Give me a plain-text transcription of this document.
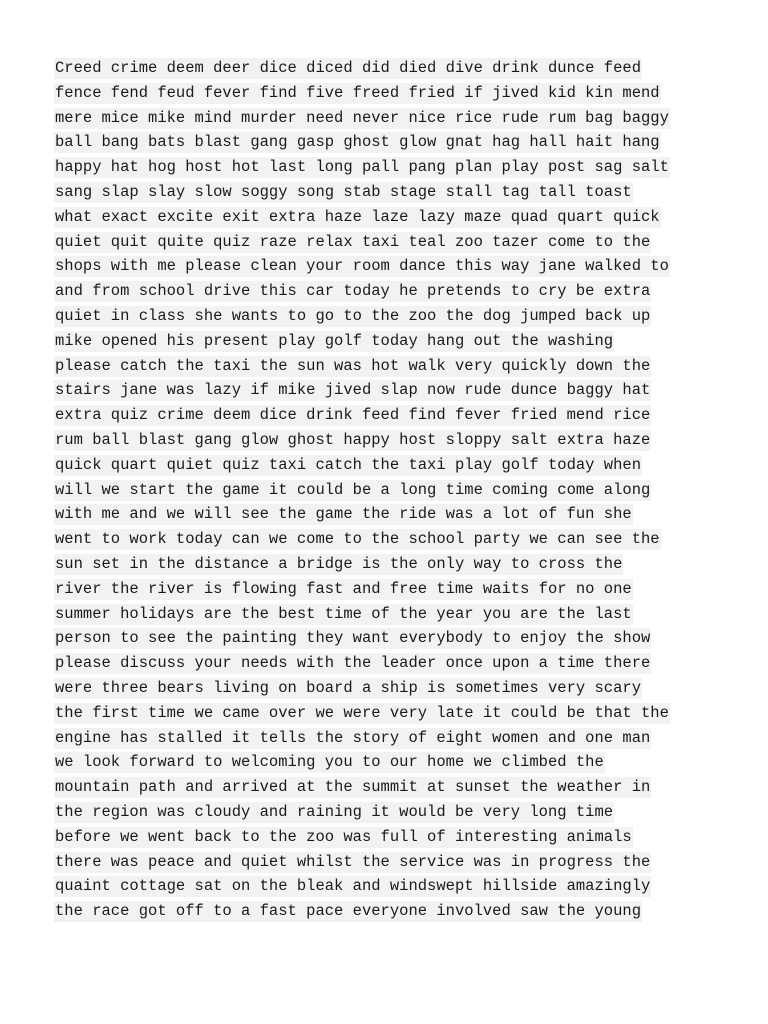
Creed crime deem deer dice diced did died dive drink dunce feed
fence fend feud fever find five freed fried if jived kid kin mend
mere mice mike mind murder need never nice rice rude rum bag baggy
ball bang bats blast gang gasp ghost glow gnat hag hall hait hang
happy hat hog host hot last long pall pang plan play post sag salt
sang slap slay slow soggy song stab stage stall tag tall toast
what exact excite exit extra haze laze lazy maze quad quart quick
quiet quit quite quiz raze relax taxi teal zoo tazer come to the
shops with me please clean your room dance this way jane walked to
and from school drive this car today he pretends to cry be extra
quiet in class she wants to go to the zoo the dog jumped back up
mike opened his present play golf today hang out the washing
please catch the taxi the sun was hot walk very quickly down the
stairs jane was lazy if mike jived slap now rude dunce baggy hat
extra quiz crime deem dice drink feed find fever fried mend rice
rum ball blast gang glow ghost happy host sloppy salt extra haze
quick quart quiet quiz taxi catch the taxi play golf today when
will we start the game it could be a long time coming come along
with me and we will see the game the ride was a lot of fun she
went to work today can we come to the school party we can see the
sun set in the distance a bridge is the only way to cross the
river the river is flowing fast and free time waits for no one
summer holidays are the best time of the year you are the last
person to see the painting they want everybody to enjoy the show
please discuss your needs with the leader once upon a time there
were three bears living on board a ship is sometimes very scary
the first time we came over we were very late it could be that the
engine has stalled it tells the story of eight women and one man
we look forward to welcoming you to our home we climbed the
mountain path and arrived at the summit at sunset the weather in
the region was cloudy and raining it would be very long time
before we went back to the zoo was full of interesting animals
there was peace and quiet whilst the service was in progress the
quaint cottage sat on the bleak and windswept hillside amazingly
the race got off to a fast pace everyone involved saw the young
